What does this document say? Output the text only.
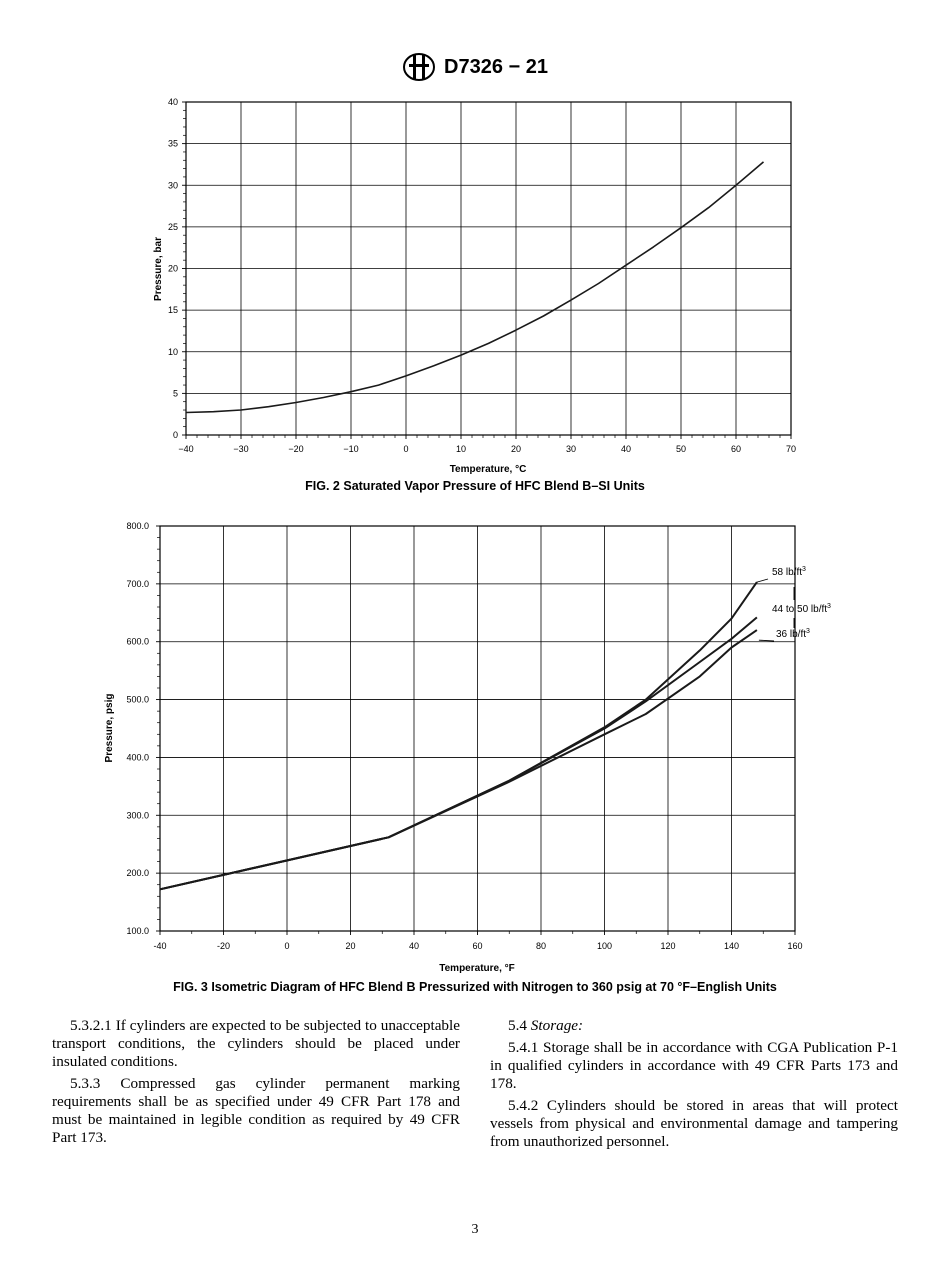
D7326 − 21
−40	−30	−20	−10	0	10	20	30	40	50	60	70
0
5
10
15
20
25
30
35
40
Temperature, °C
Pressure, bar
FIG. 2 Saturated Vapor Pressure of HFC Blend B–SI Units
-40	-20	0	20	40	60	80	100	120	140	160
100.0
200.0
300.0
400.0
500.0
600.0
700.0
800.0
58 $lb/ft^3$
44 to 50 $lb/ft^3$
36 $lb/ft^3$
Temperature, °F
Pressure, psig
FIG. 3 Isometric Diagram of HFC Blend B Pressurized with Nitrogen to 360 psig at 70 °F–English Units

5.3.2.1 If cylinders are expected to be subjected to unacceptable transport conditions, the cylinders should be placed under insulated conditions.

5.3.3 Compressed gas cylinder permanent marking requirements shall be as specified under 49 CFR Part 178 and must be maintained in legible condition as required by 49 CFR Part 173.

5.4 Storage:

5.4.1 Storage shall be in accordance with CGA Publication P-1 in qualified cylinders in accordance with 49 CFR Parts 173 and 178.

5.4.2 Cylinders should be stored in areas that will protect vessels from physical and environmental damage and tampering from unauthorized personnel.

3
